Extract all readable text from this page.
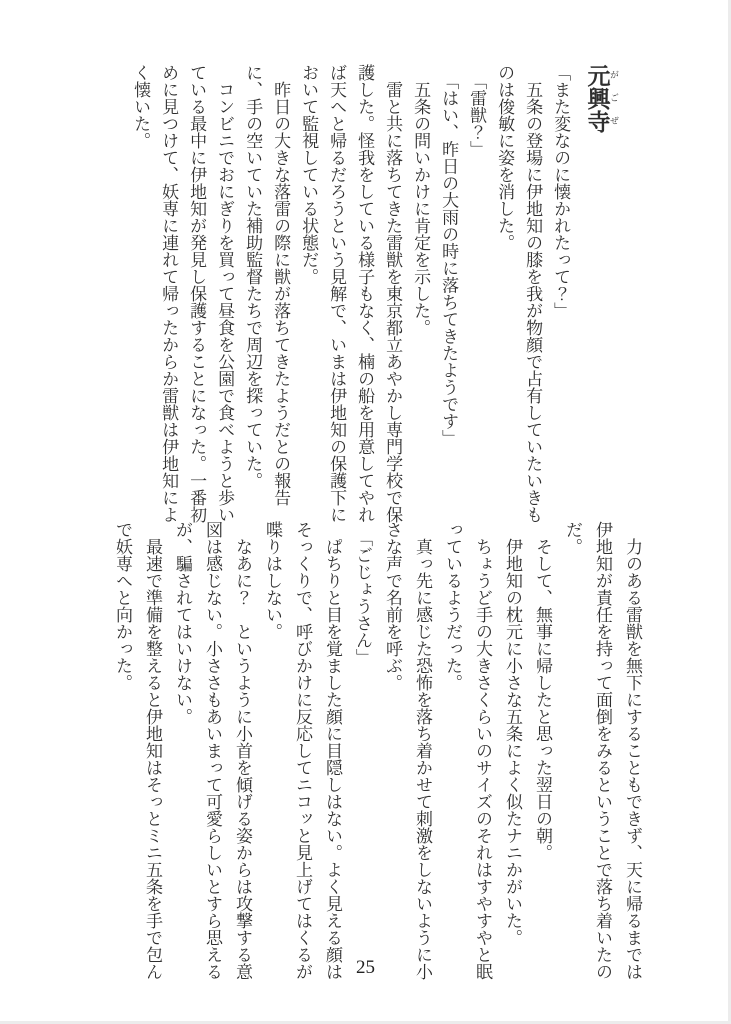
元興寺 がごぜ

「また変なのに懐かれたって？」

　五条の登場に伊地知の膝を我が物顔で占有していたいきも

のは俊敏に姿を消した。

　「雷獣？」

　「はい、昨日の大雨の時に落ちてきたようです」

　五条の問いかけに肯定を示した。

　雷と共に落ちてきた雷獣を東京都立あやかし専門学校で保

護した。怪我をしている様子もなく、楠の船を用意してやれ

ば天へと帰るだろうという見解で、いまは伊地知の保護下に

おいて監視している状態だ。

　昨日の大きな落雷の際に獣が落ちてきたようだとの報告

に、手の空いていた補助監督たちで周辺を探っていた。

　コンビニでおにぎりを買って昼食を公園で食べようと歩い

ている最中に伊地知が発見し保護することになった。一番初

めに見つけて、妖専に連れて帰ったからか雷獣は伊地知によ

く懐いた。

　力のある雷獣を無下にすることもできず、天に帰るまでは

伊地知が責任を持って面倒をみるということで落ち着いたの

だ。

　そして、無事に帰したと思った翌日の朝。

　伊地知の枕元に小さな五条によく似たナニかがいた。

　ちょうど手の大きさくらいのサイズのそれはすやすやと眠

っているようだった。

　真っ先に感じた恐怖を落ち着かせて刺激をしないように小

さな声で名前を呼ぶ。

　「ごじょうさん」

　ぱちりと目を覚ました顔に目隠しはない。よく見える顔は

そっくりで、呼びかけに反応してニコッと見上げてはくるが

喋りはしない。

　なあに？　というように小首を傾げる姿からは攻撃する意

図は感じない。小ささもあいまって可愛らしいとすら思える

が、騙されてはいけない。

　最速で準備を整えると伊地知はそっとミニ五条を手で包ん

で妖専へと向かった。

25
